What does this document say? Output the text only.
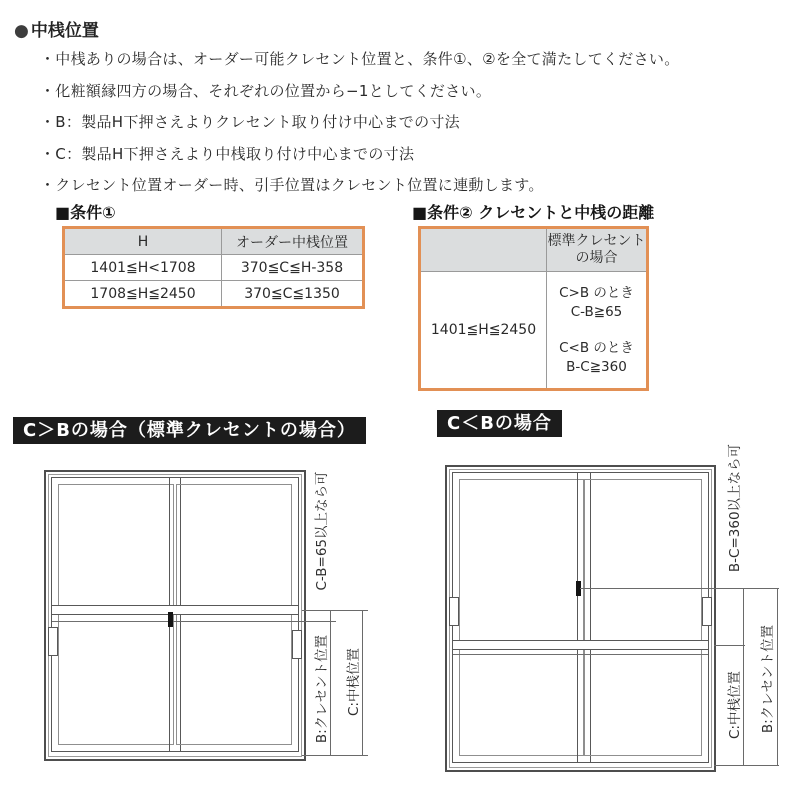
● 中桟位置
・中桟ありの場合は、オーダー可能クレセント位置と、条件①、②を全て満たしてください。
・化粧額縁四方の場合、それぞれの位置から−1としてください。
・B：製品H下押さえよりクレセント取り付け中心までの寸法
・C：製品H下押さえより中桟取り付け中心までの寸法
・クレセント位置オーダー時、引手位置はクレセント位置に連動します。
■条件①
H	オーダー中桟位置
1401≦H<1708	370≦C≦H-358
1708≦H≦2450	370≦C≦1350
■条件② クレセントと中桟の距離

	標準クレセント
の場合

1401≦H≦2450	C>B のとき
C-B≧65
C<B のとき
B-C≧360
C＞Bの場合（標準クレセントの場合）	C＜Bの場合
C-B=65以上なら可
B:クレセント位置 C:中桟位置
B-C=360以上なら可
C:中桟位置 B:クレセント位置
